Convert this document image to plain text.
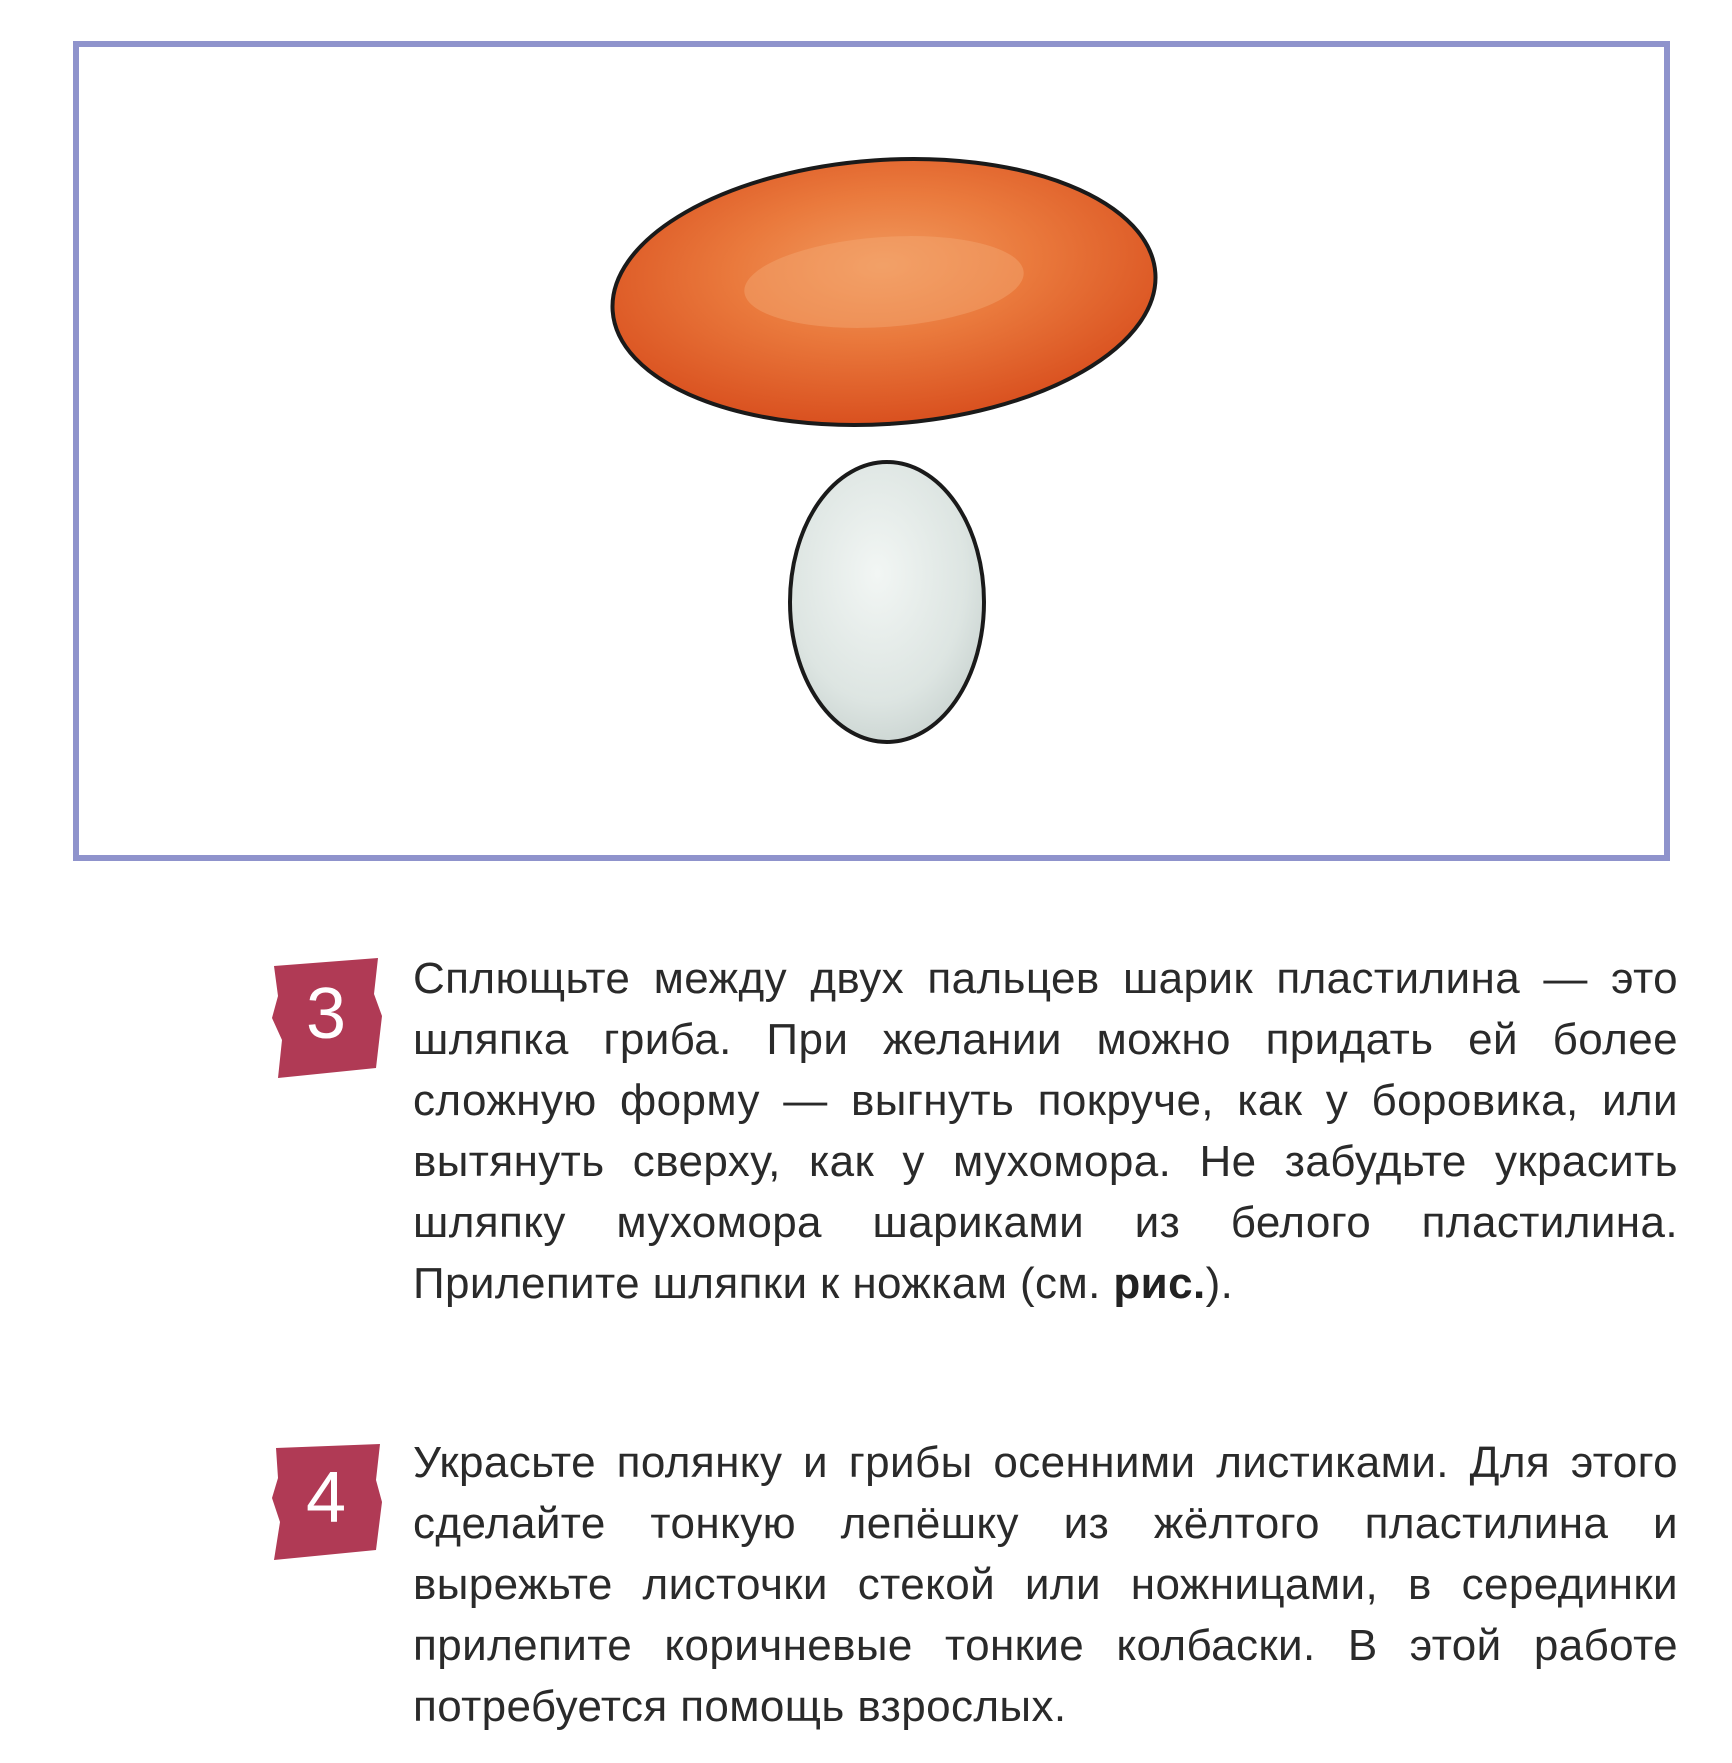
3	Сплющьте между двух пальцев шарик пластилина — это шляпка гриба. При желании можно придать ей более сложную форму — выгнуть покруче, как у боровика, или вытянуть сверху, как у мухомора. Не забудьте украсить шляпку мухомора шариками из белого пластилина. Прилепите шляпки к ножкам (см. рис.).

4	Украсьте полянку и грибы осенними листиками. Для этого сделайте тонкую лепёшку из жёлтого пластилина и вырежьте листочки стекой или ножницами, в серединки прилепите коричневые тонкие колбаски. В этой работе потребуется помощь взрослых.
